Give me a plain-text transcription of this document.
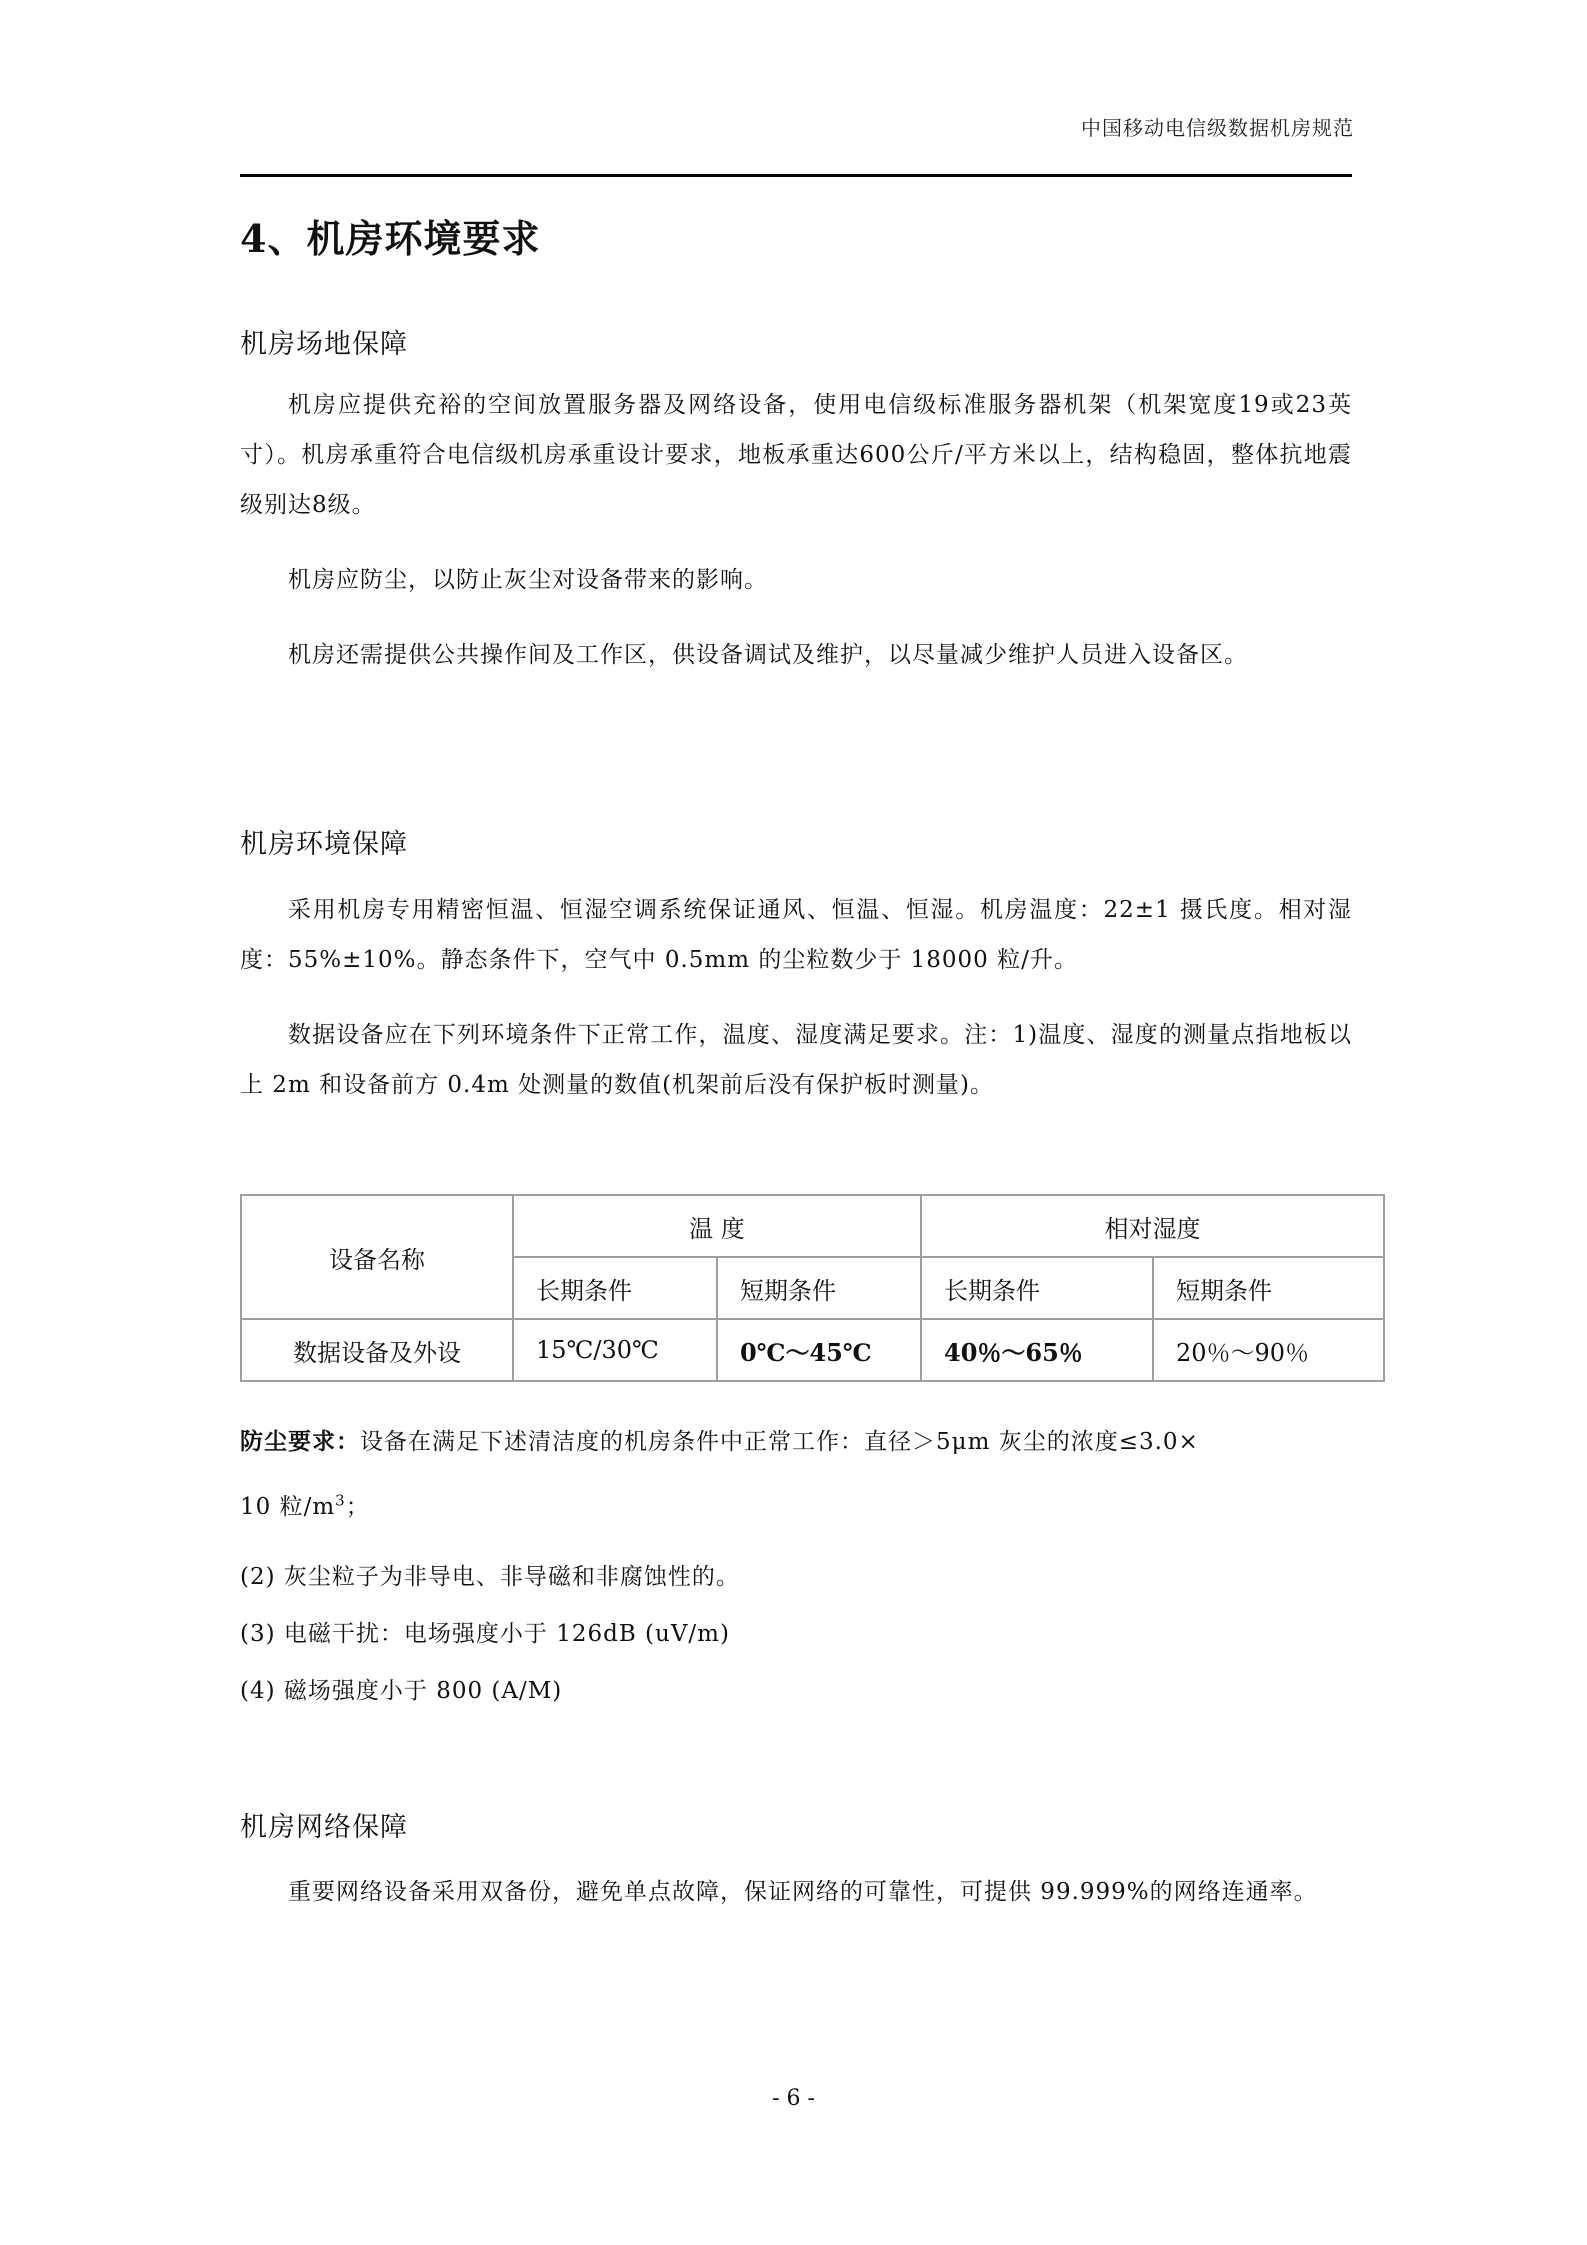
中国移动电信级数据机房规范
4、机房环境要求
机房场地保障
机房应提供充裕的空间放置服务器及网络设备，使用电信级标准服务器机架（机架宽度19或23英寸）。机房承重符合电信级机房承重设计要求，地板承重达600公斤/平方米以上，结构稳固，整体抗地震级别达8级。
机房应防尘，以防止灰尘对设备带来的影响。
机房还需提供公共操作间及工作区，供设备调试及维护，以尽量减少维护人员进入设备区。
机房环境保障
采用机房专用精密恒温、恒湿空调系统保证通风、恒温、恒湿。机房温度：22±1 摄氏度。相对湿度：55%±10%。静态条件下，空气中 0.5mm 的尘粒数少于 18000 粒/升。
数据设备应在下列环境条件下正常工作，温度、湿度满足要求。注：1)温度、湿度的测量点指地板以上 2m 和设备前方 0.4m 处测量的数值(机架前后没有保护板时测量)。
设备名称	温 度		相对湿度	
	长期条件	短期条件	长期条件	短期条件
数据设备及外设	15℃/30℃	0℃～45℃	40％～65％	20％～90％
防尘要求：设备在满足下述清洁度的机房条件中正常工作：直径＞5μm 灰尘的浓度≤3.0×
10 粒$/m^3$；
(2) 灰尘粒子为非导电、非导磁和非腐蚀性的。
(3) 电磁干扰：电场强度小于 126dB (uV/m)
(4) 磁场强度小于 800 (A/M)
机房网络保障
重要网络设备采用双备份，避免单点故障，保证网络的可靠性，可提供 99.999%的网络连通率。
- 6 -
